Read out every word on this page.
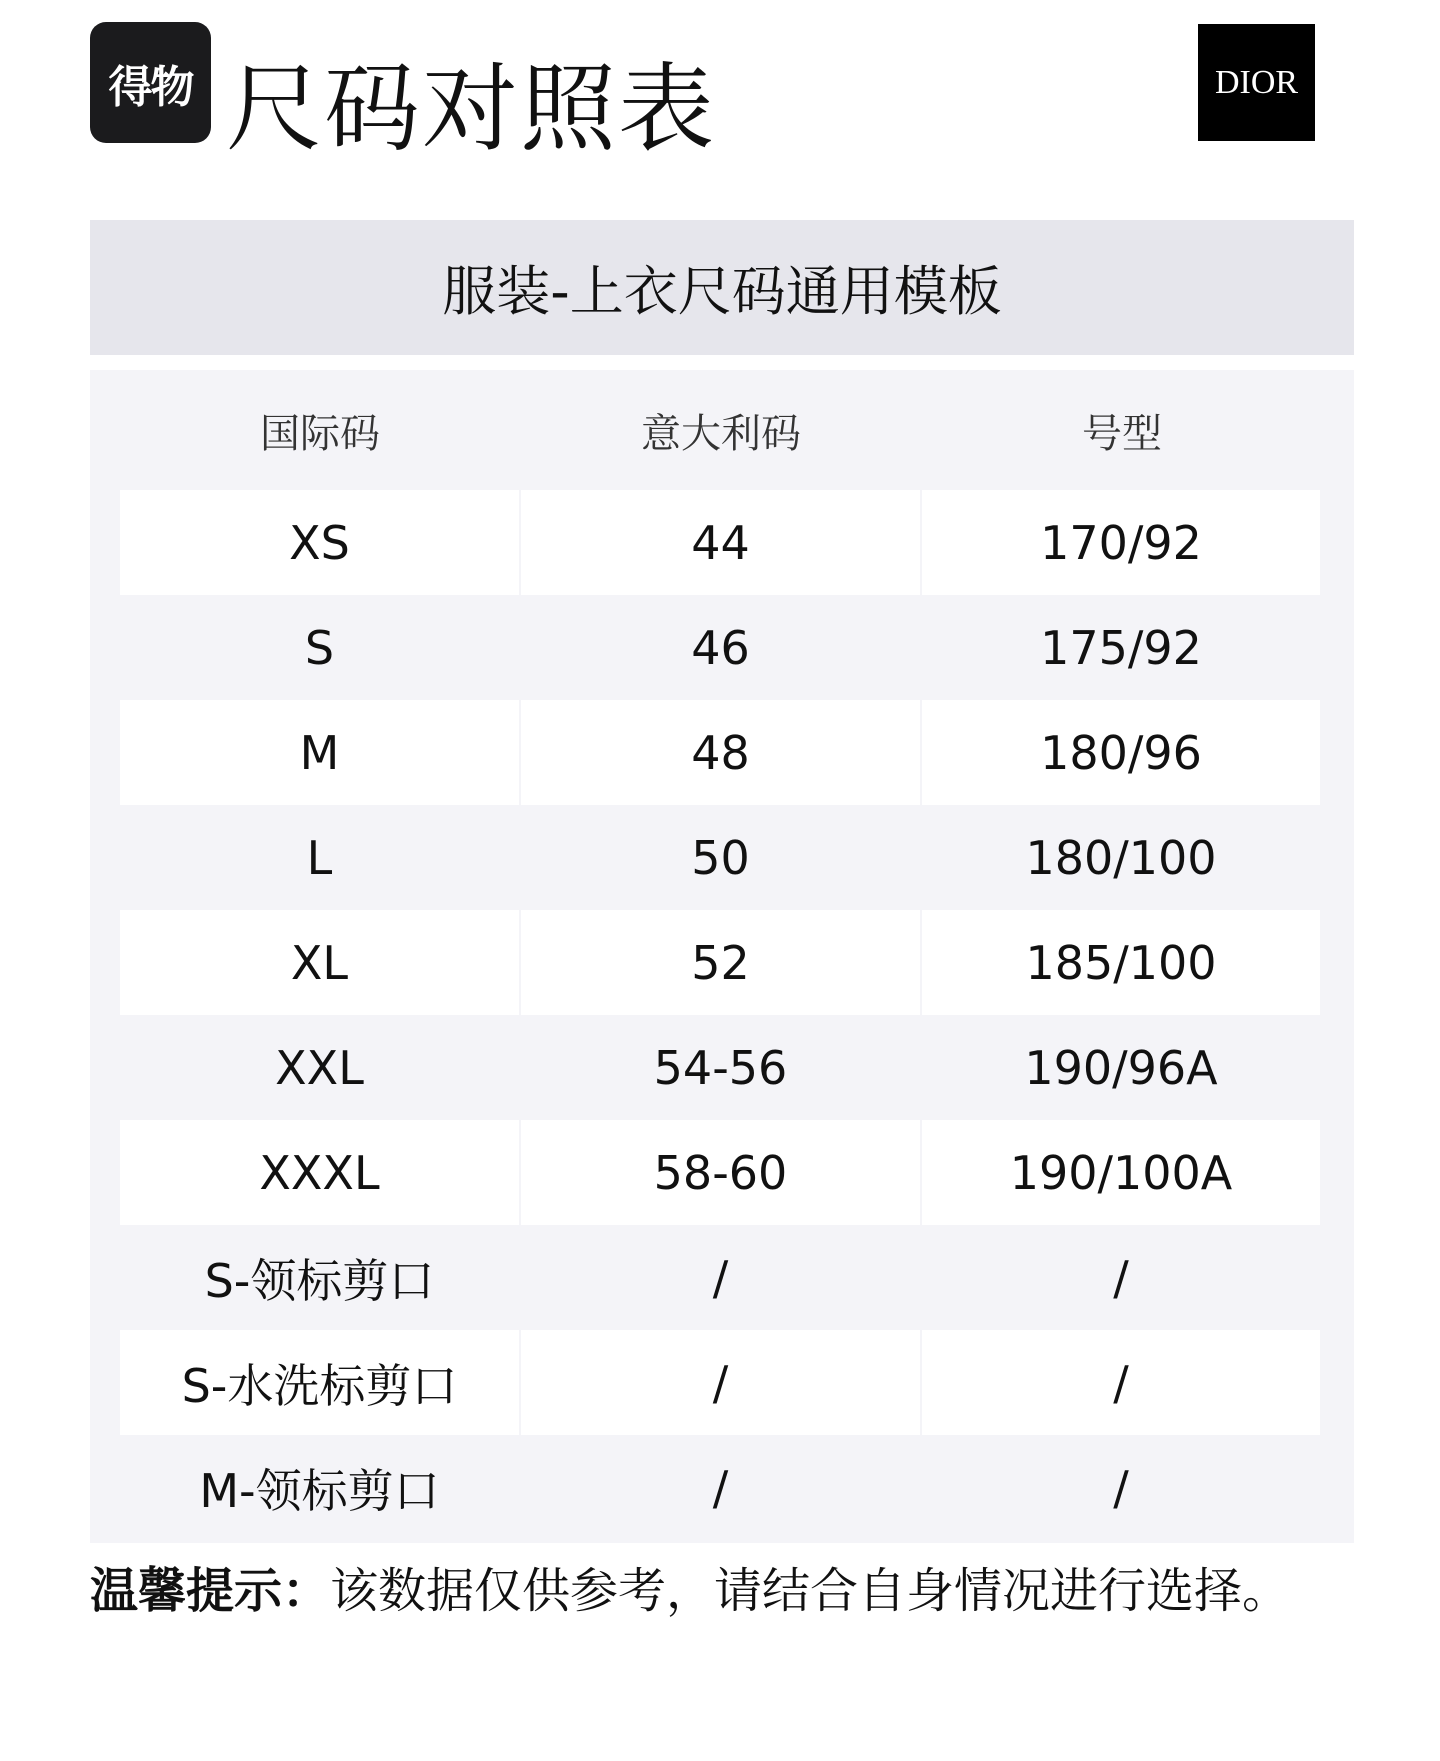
得物 尺码对照表	DIOR
服装-上衣尺码通用模板
国际码	意大利码	号型
XS	44	170/92
S	46	175/92
M	48	180/96
L	50	180/100
XL	52	185/100
XXL	54-56	190/96A
XXXL	58-60	190/100A
S-领标剪口	/	/
S-水洗标剪口	/	/
M-领标剪口	/	/
温馨提示：该数据仅供参考，请结合自身情况进行选择。
